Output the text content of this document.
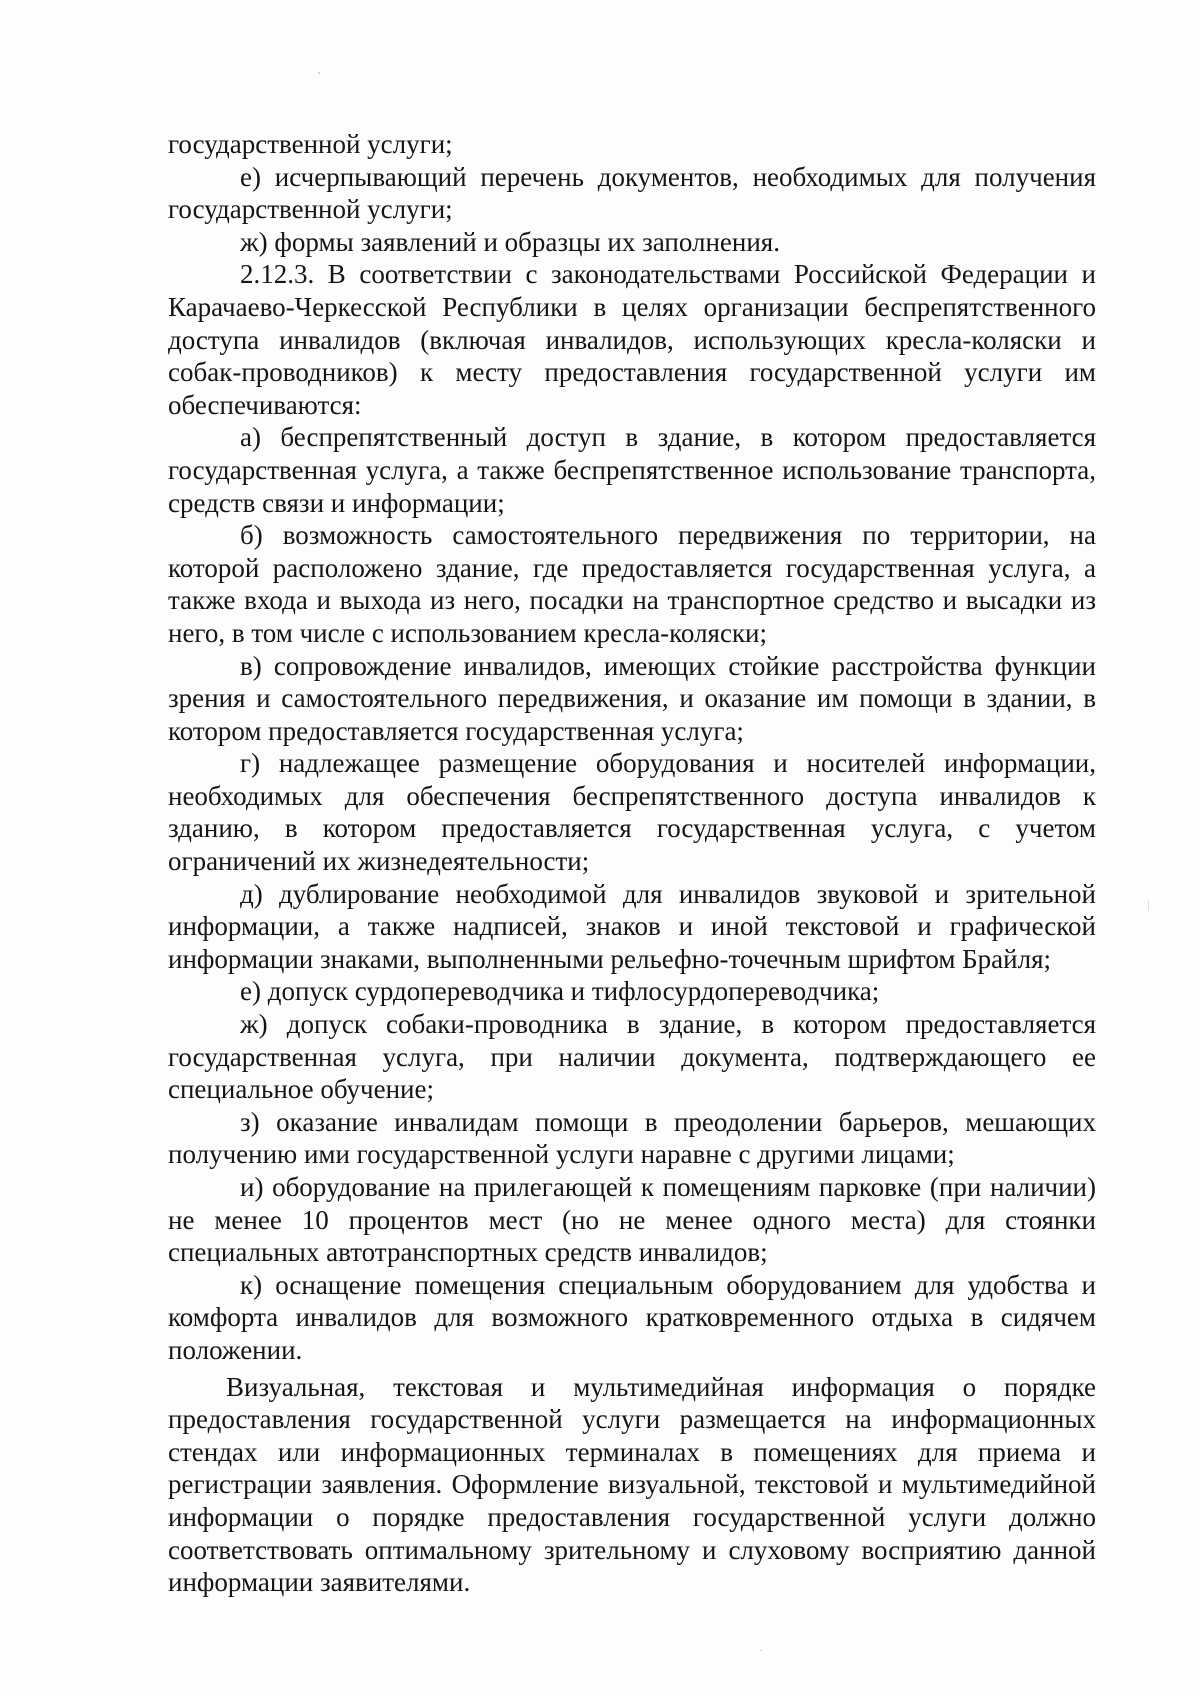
государственной услуги;

е) исчерпывающий перечень документов, необходимых для получения государственной услуги;

ж) формы заявлений и образцы их заполнения.

2.12.3. В соответствии с законодательствами Российской Федерации и Карачаево-Черкесской Республики в целях организации беспрепятственного доступа инвалидов (включая инвалидов, использующих кресла-коляски и собак-проводников) к месту предоставления государственной услуги им обеспечиваются:

а) беспрепятственный доступ в здание, в котором предоставляется государственная услуга, а также беспрепятственное использование транспорта, средств связи и информации;

б) возможность самостоятельного передвижения по территории, на которой расположено здание, где предоставляется государственная услуга, а также входа и выхода из него, посадки на транспортное средство и высадки из него, в том числе с использованием кресла-коляски;

в) сопровождение инвалидов, имеющих стойкие расстройства функции зрения и самостоятельного передвижения, и оказание им помощи в здании, в котором предоставляется государственная услуга;

г) надлежащее размещение оборудования и носителей информации, необходимых для обеспечения беспрепятственного доступа инвалидов к зданию, в котором предоставляется государственная услуга, с учетом ограничений их жизнедеятельности;

д) дублирование необходимой для инвалидов звуковой и зрительной информации, а также надписей, знаков и иной текстовой и графической информации знаками, выполненными рельефно-точечным шрифтом Брайля;

е) допуск сурдопереводчика и тифлосурдопереводчика;

ж) допуск собаки-проводника в здание, в котором предоставляется государственная услуга, при наличии документа, подтверждающего ее специальное обучение;

з) оказание инвалидам помощи в преодолении барьеров, мешающих получению ими государственной услуги наравне с другими лицами;

и) оборудование на прилегающей к помещениям парковке (при наличии) не менее 10 процентов мест (но не менее одного места) для стоянки специальных автотранспортных средств инвалидов;

к) оснащение помещения специальным оборудованием для удобства и комфорта инвалидов для возможного кратковременного отдыха в сидячем положении.

Визуальная, текстовая и мультимедийная информация о порядке предоставления государственной услуги размещается на информационных стендах или информационных терминалах в помещениях для приема и регистрации заявления. Оформление визуальной, текстовой и мультимедийной информации о порядке предоставления государственной услуги должно соответствовать оптимальному зрительному и слуховому восприятию данной информации заявителями.
